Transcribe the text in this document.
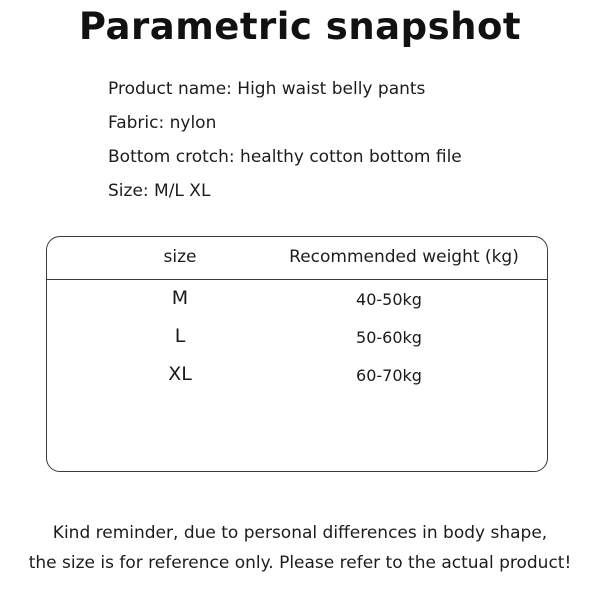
Parametric snapshot
Product name: High waist belly pants
Fabric: nylon
Bottom crotch: healthy cotton bottom file
Size: M/L XL
size	Recommended weight (kg)
M	40-50kg
L	50-60kg
XL	60-70kg
Kind reminder, due to personal differences in body shape,
the size is for reference only. Please refer to the actual product!
